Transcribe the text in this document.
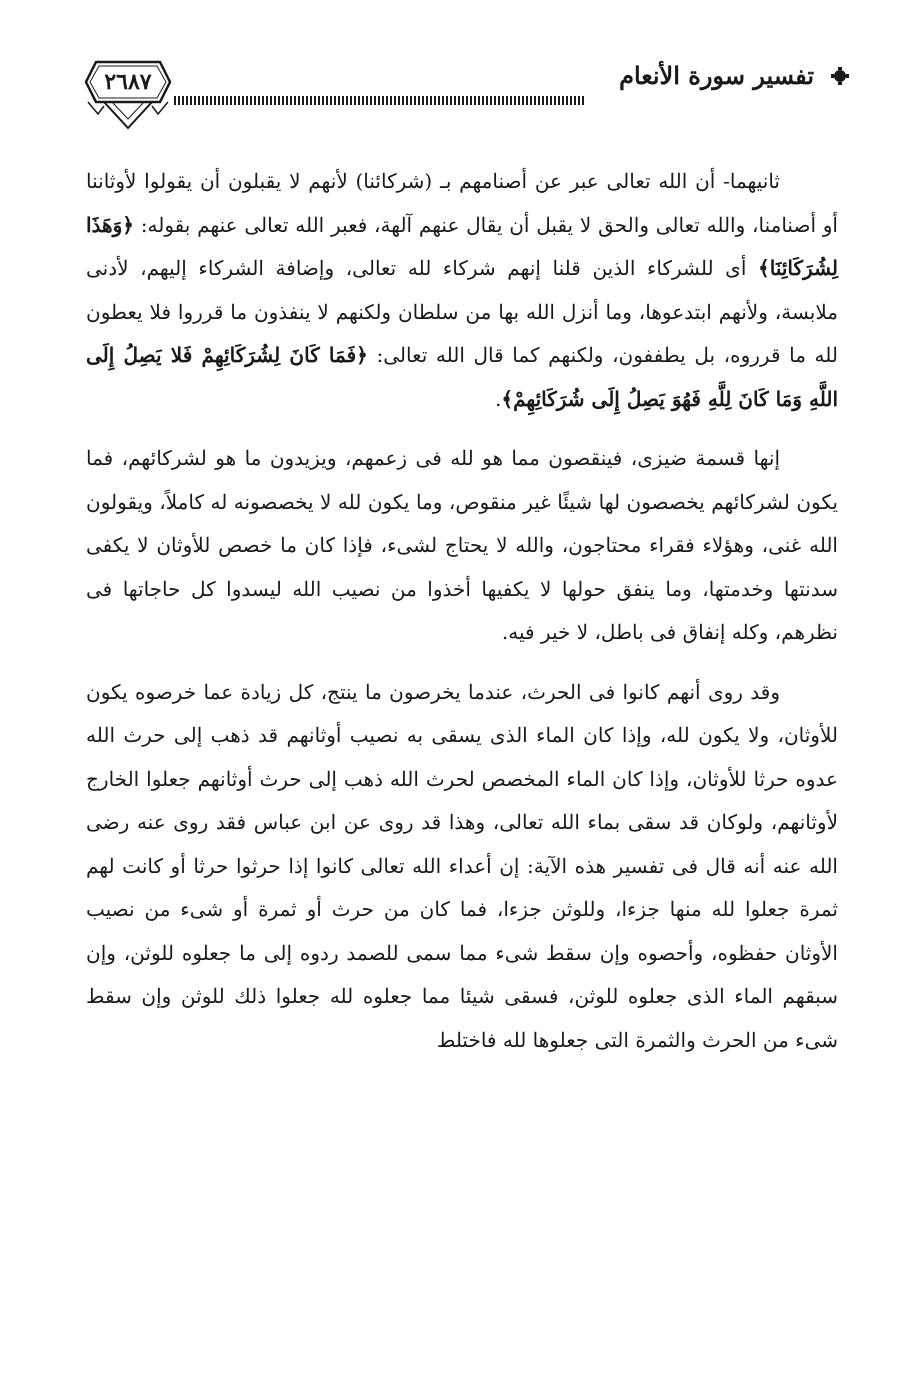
تفسير سورة الأنعام
٢٦٨٧

ثانيهما- أن الله تعالى عبر عن أصنامهم بـ (شركائنا) لأنهم لا يقبلون أن يقولوا لأوثاننا أو أصنامنا، والله تعالى والحق لا يقبل أن يقال عنهم آلهة، فعبر الله تعالى عنهم بقوله: ﴿وَهَذَا لِشُرَكَائِنَا﴾ أى للشركاء الذين قلنا إنهم شركاء لله تعالى، وإضافة الشركاء إليهم، لأدنى ملابسة، ولأنهم ابتدعوها، وما أنزل الله بها من سلطان ولكنهم لا ينفذون ما قرروا فلا يعطون لله ما قرروه، بل يطففون، ولكنهم كما قال الله تعالى: ﴿فَمَا كَانَ لِشُرَكَائِهِمْ فَلا يَصِلُ إِلَى اللَّهِ وَمَا كَانَ لِلَّهِ فَهُوَ يَصِلُ إِلَى شُرَكَائِهِمْ﴾.

إنها قسمة ضيزى، فينقصون مما هو لله فى زعمهم، ويزيدون ما هو لشركائهم، فما يكون لشركائهم يخصصون لها شيئًا غير منقوص، وما يكون لله لا يخصصونه له كاملاً، ويقولون الله غنى، وهؤلاء فقراء محتاجون، والله لا يحتاج لشىء، فإذا كان ما خصص للأوثان لا يكفى سدنتها وخدمتها، وما ينفق حولها لا يكفيها أخذوا من نصيب الله ليسدوا كل حاجاتها فى نظرهم، وكله إنفاق فى باطل، لا خير فيه.

وقد روى أنهم كانوا فى الحرث، عندما يخرصون ما ينتج، كل زيادة عما خرصوه يكون للأوثان، ولا يكون لله، وإذا كان الماء الذى يسقى به نصيب أوثانهم قد ذهب إلى حرث الله عدوه حرثا للأوثان، وإذا كان الماء المخصص لحرث الله ذهب إلى حرث أوثانهم جعلوا الخارج لأوثانهم، ولوكان قد سقى بماء الله تعالى، وهذا قد روى عن ابن عباس فقد روى عنه رضى الله عنه أنه قال فى تفسير هذه الآية: إن أعداء الله تعالى كانوا إذا حرثوا حرثا أو كانت لهم ثمرة جعلوا لله منها جزءا، وللوثن جزءا، فما كان من حرث أو ثمرة أو شىء من نصيب الأوثان حفظوه، وأحصوه وإن سقط شىء مما سمى للصمد ردوه إلى ما جعلوه للوثن، وإن سبقهم الماء الذى جعلوه للوثن، فسقى شيئا مما جعلوه لله جعلوا ذلك للوثن وإن سقط شىء من الحرث والثمرة التى جعلوها لله فاختلط
